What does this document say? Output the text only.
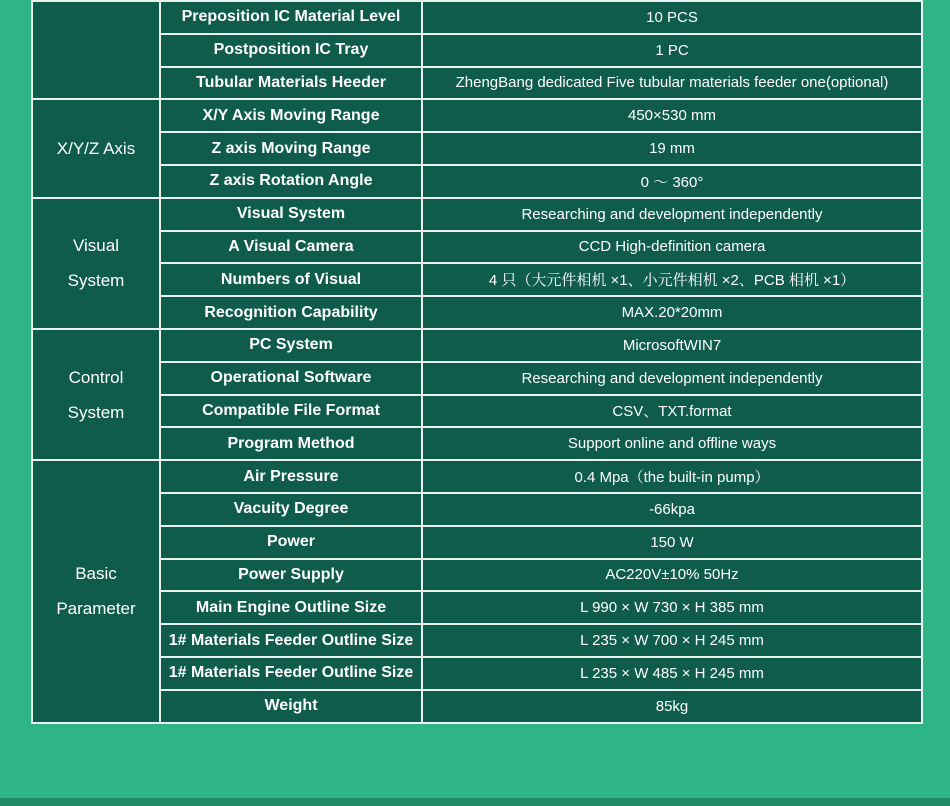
	Preposition IC Material Level	10 PCS
	Postposition IC Tray	1 PC
	Tubular Materials Heeder	ZhengBang dedicated Five tubular materials feeder one(optional)

X/Y/Z Axis	X/Y Axis Moving Range	450×530 mm
	Z axis Moving Range	19 mm
	Z axis Rotation Angle	0 ～ 360°

Visual
System	Visual System	Researching and development independently
	A Visual Camera	CCD High-definition camera
	Numbers of Visual	4 只（大元件相机 ×1、小元件相机 ×2、PCB 相机 ×1）
	Recognition Capability	MAX.20*20mm

Control
System	PC System	MicrosoftWIN7
	Operational Software	Researching and development independently
	Compatible File Format	CSV、TXT.format
	Program Method	Support online and offline ways

Basic
Parameter	Air Pressure	0.4 Mpa（the built-in pump）
	Vacuity Degree	-66kpa
	Power	150 W
	Power Supply	AC220V±10% 50Hz
	Main Engine Outline Size	L 990 × W 730 × H 385 mm
	1# Materials Feeder Outline Size	L 235 × W 700 × H 245 mm
	1# Materials Feeder Outline Size	L 235 × W 485 × H 245 mm
	Weight	85kg
